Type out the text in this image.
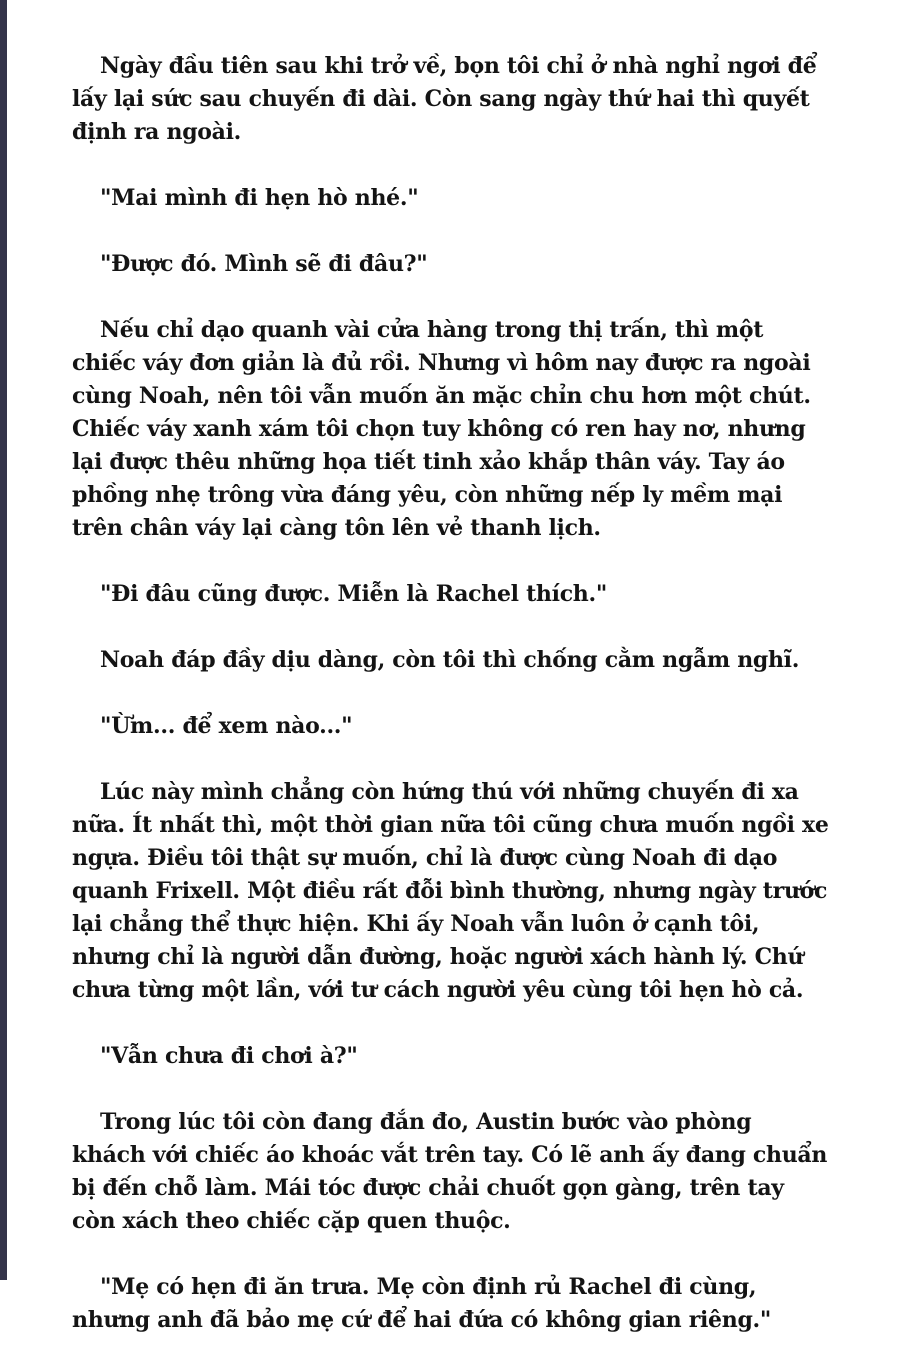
Ngày đầu tiên sau khi trở về, bọn tôi chỉ ở nhà nghỉ ngơi để lấy lại sức sau chuyến đi dài. Còn sang ngày thứ hai thì quyết định ra ngoài.

"Mai mình đi hẹn hò nhé."

"Được đó. Mình sẽ đi đâu?"

Nếu chỉ dạo quanh vài cửa hàng trong thị trấn, thì một chiếc váy đơn giản là đủ rồi. Nhưng vì hôm nay được ra ngoài cùng Noah, nên tôi vẫn muốn ăn mặc chỉn chu hơn một chút. Chiếc váy xanh xám tôi chọn tuy không có ren hay nơ, nhưng lại được thêu những họa tiết tinh xảo khắp thân váy. Tay áo phồng nhẹ trông vừa đáng yêu, còn những nếp ly mềm mại trên chân váy lại càng tôn lên vẻ thanh lịch.

"Đi đâu cũng được. Miễn là Rachel thích."

Noah đáp đầy dịu dàng, còn tôi thì chống cằm ngẫm nghĩ.

"Ừm... để xem nào..."

Lúc này mình chẳng còn hứng thú với những chuyến đi xa nữa. Ít nhất thì, một thời gian nữa tôi cũng chưa muốn ngồi xe ngựa. Điều tôi thật sự muốn, chỉ là được cùng Noah đi dạo quanh Frixell. Một điều rất đỗi bình thường, nhưng ngày trước lại chẳng thể thực hiện. Khi ấy Noah vẫn luôn ở cạnh tôi, nhưng chỉ là người dẫn đường, hoặc người xách hành lý. Chứ chưa từng một lần, với tư cách người yêu cùng tôi hẹn hò cả.

"Vẫn chưa đi chơi à?"

Trong lúc tôi còn đang đắn đo, Austin bước vào phòng khách với chiếc áo khoác vắt trên tay. Có lẽ anh ấy đang chuẩn bị đến chỗ làm. Mái tóc được chải chuốt gọn gàng, trên tay còn xách theo chiếc cặp quen thuộc.

"Mẹ có hẹn đi ăn trưa. Mẹ còn định rủ Rachel đi cùng, nhưng anh đã bảo mẹ cứ để hai đứa có không gian riêng."
